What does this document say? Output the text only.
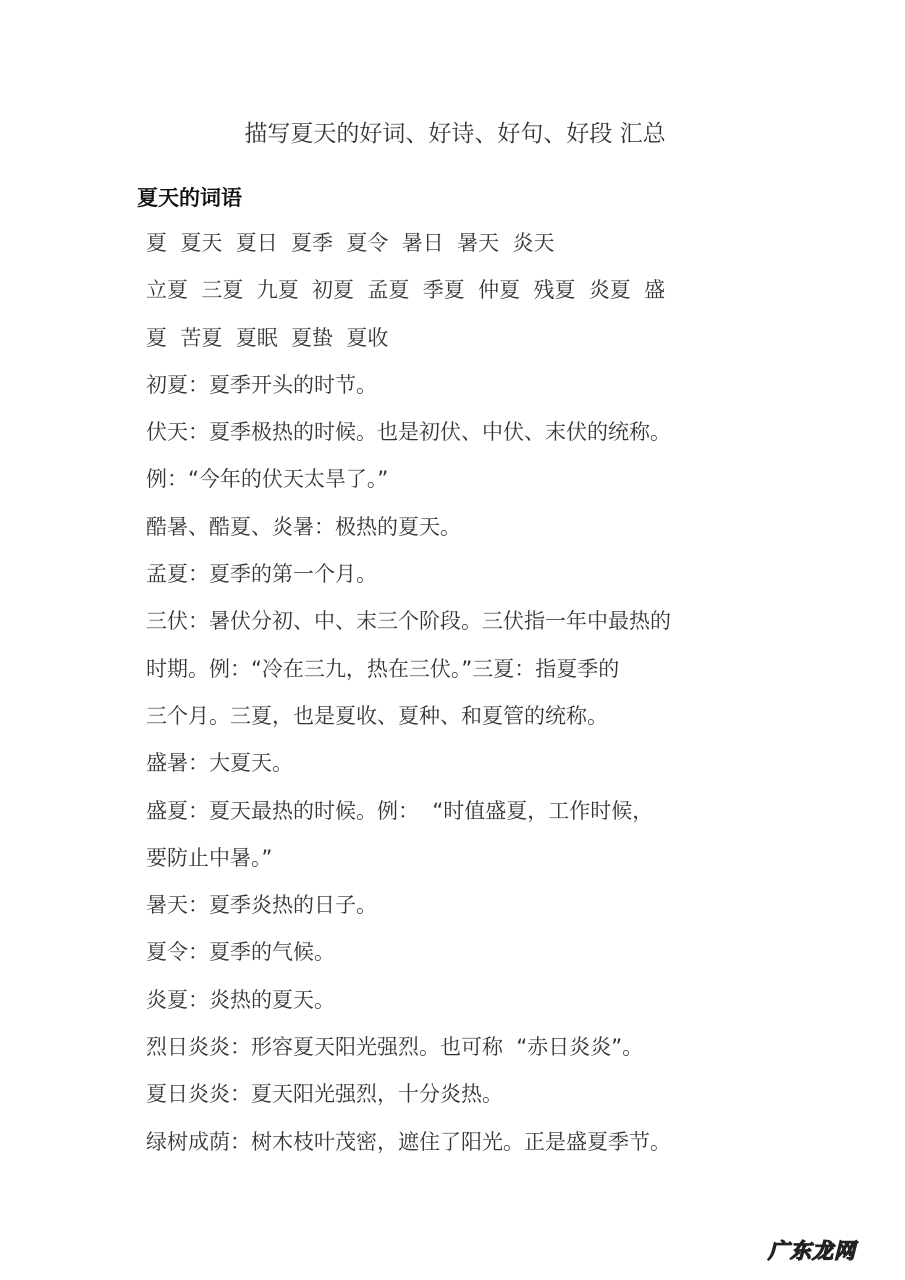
描写夏天的好词、好诗、好句、好段 汇总
夏天的词语
夏  夏天  夏日  夏季  夏令  暑日  暑天  炎天
立夏  三夏  九夏  初夏  孟夏  季夏  仲夏  残夏  炎夏  盛
夏  苦夏  夏眠  夏蛰  夏收
初夏：夏季开头的时节。
伏天：夏季极热的时候。也是初伏、中伏、末伏的统称。
例：“今年的伏天太旱了。”
酷暑、酷夏、炎暑：极热的夏天。
孟夏：夏季的第一个月。
三伏：暑伏分初、中、末三个阶段。三伏指一年中最热的
时期。例：“冷在三九，热在三伏。”三夏：指夏季的
三个月。三夏，也是夏收、夏种、和夏管的统称。
盛暑：大夏天。
盛夏：夏天最热的时候。例：  “时值盛夏，工作时候，
要防止中暑。”
暑天：夏季炎热的日子。
夏令：夏季的气候。
炎夏：炎热的夏天。
烈日炎炎：形容夏天阳光强烈。也可称  “赤日炎炎”。
夏日炎炎：夏天阳光强烈，十分炎热。
绿树成荫：树木枝叶茂密，遮住了阳光。正是盛夏季节。
广东龙网
